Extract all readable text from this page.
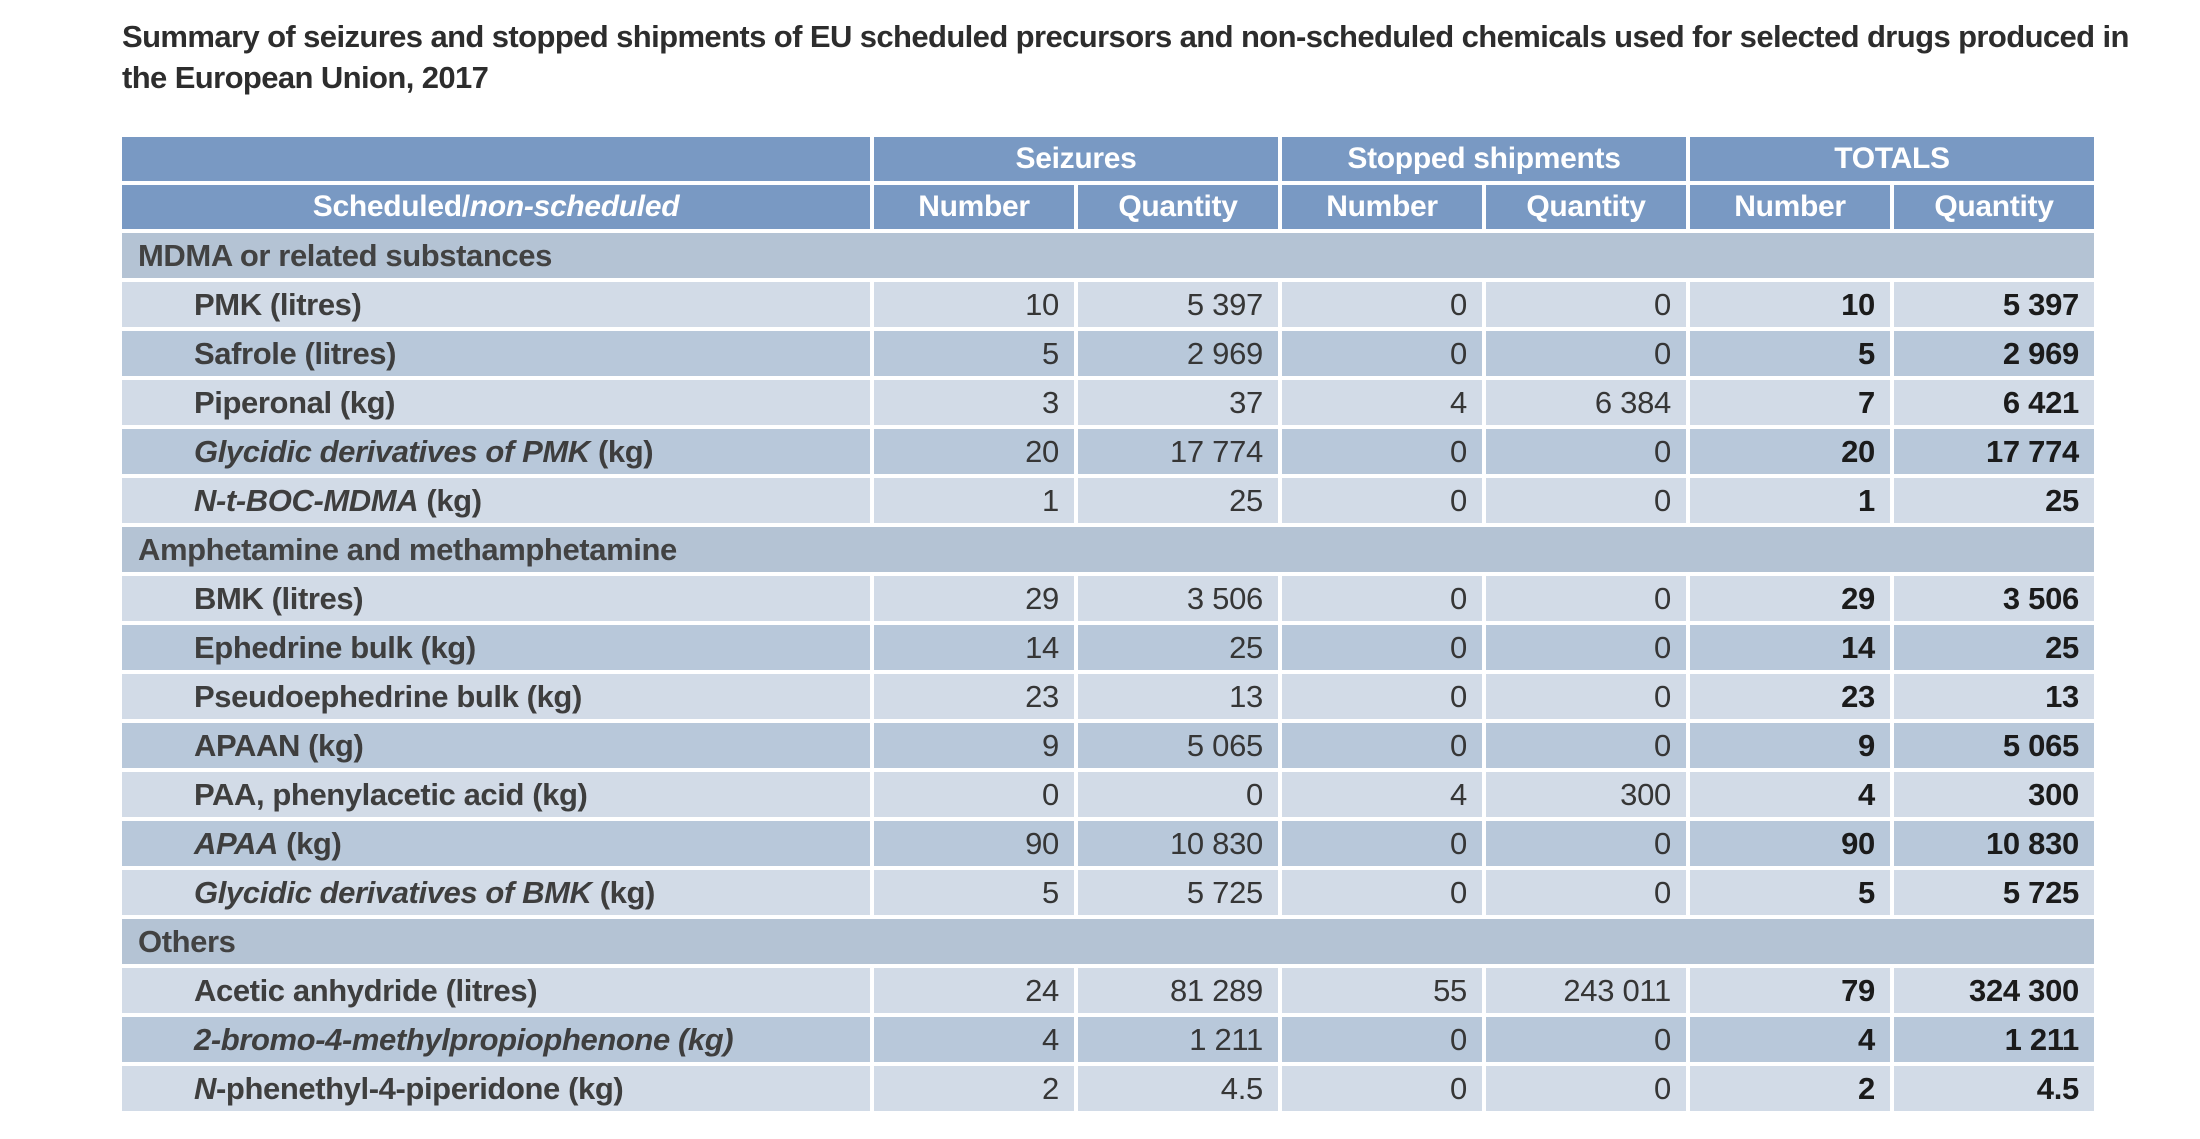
Summary of seizures and stopped shipments of EU scheduled precursors and non-scheduled chemicals used for selected drugs produced in
the European Union, 2017
	Seizures		Stopped shipments		TOTALS	
Scheduled/non-scheduled	Number	Quantity	Number	Quantity	Number	Quantity
MDMA or related substances						
PMK (litres)	10	5 397	0	0	10	5 397
Safrole (litres)	5	2 969	0	0	5	2 969
Piperonal (kg)	3	37	4	6 384	7	6 421
Glycidic derivatives of PMK (kg)	20	17 774	0	0	20	17 774
N-t-BOC-MDMA (kg)	1	25	0	0	1	25
Amphetamine and methamphetamine						
BMK (litres)	29	3 506	0	0	29	3 506
Ephedrine bulk (kg)	14	25	0	0	14	25
Pseudoephedrine bulk (kg)	23	13	0	0	23	13
APAAN (kg)	9	5 065	0	0	9	5 065
PAA, phenylacetic acid (kg)	0	0	4	300	4	300
APAA (kg)	90	10 830	0	0	90	10 830
Glycidic derivatives of BMK (kg)	5	5 725	0	0	5	5 725
Others						
Acetic anhydride (litres)	24	81 289	55	243 011	79	324 300
2-bromo-4-methylpropiophenone (kg)	4	1 211	0	0	4	1 211
N-phenethyl-4-piperidone (kg)	2	4.5	0	0	2	4.5
